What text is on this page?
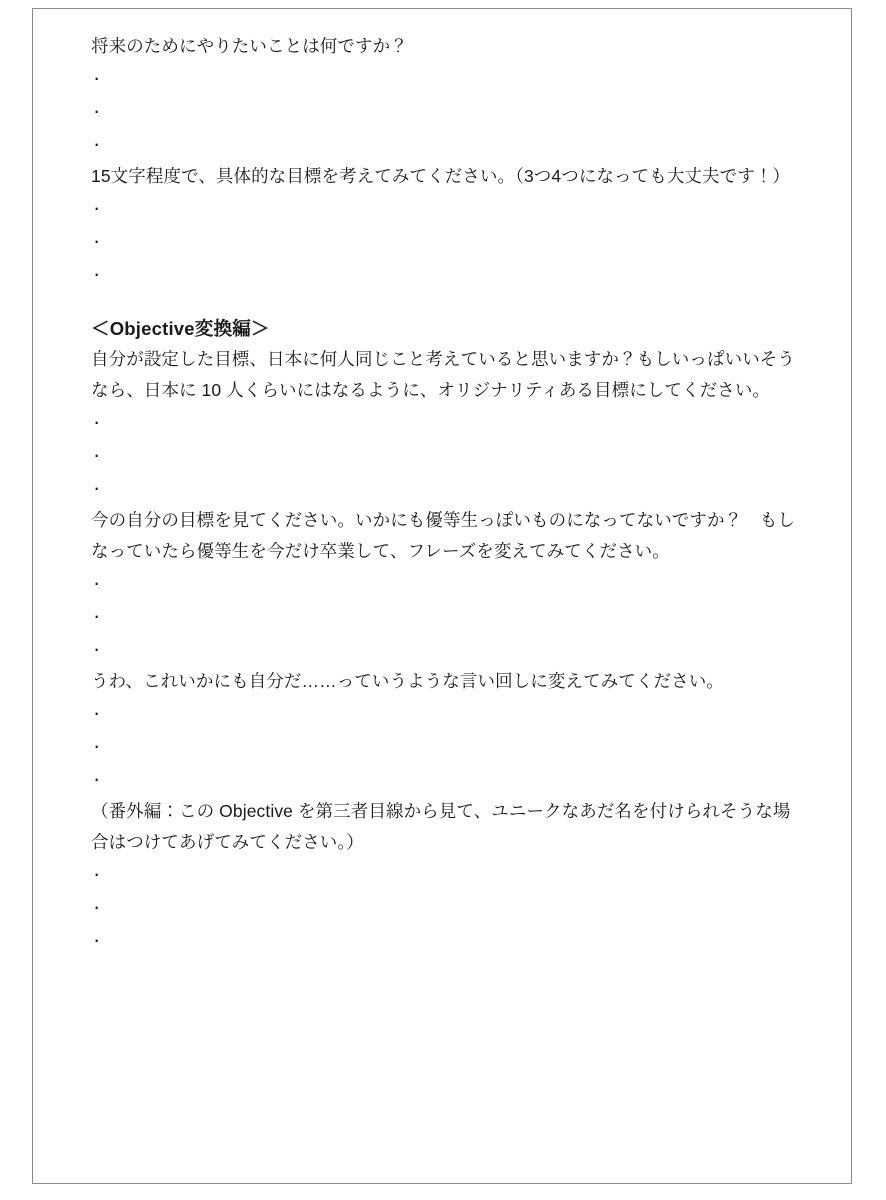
将来のためにやりたいことは何ですか？
·
·
·
15文字程度で、具体的な目標を考えてみてください。（3つ4つになっても大丈夫です！）
·
·
·
＜Objective変換編＞
自分が設定した目標、日本に何人同じこと考えていると思いますか？もしいっぱいいそうなら、日本に 10 人くらいにはなるように、オリジナリティある目標にしてください。
·
·
·
今の自分の目標を見てください。いかにも優等生っぽいものになってないですか？　もしなっていたら優等生を今だけ卒業して、フレーズを変えてみてください。
·
·
·
うわ、これいかにも自分だ……っていうような言い回しに変えてみてください。
·
·
·
（番外編：この Objective を第三者目線から見て、ユニークなあだ名を付けられそうな場合はつけてあげてみてください。）
·
·
·
